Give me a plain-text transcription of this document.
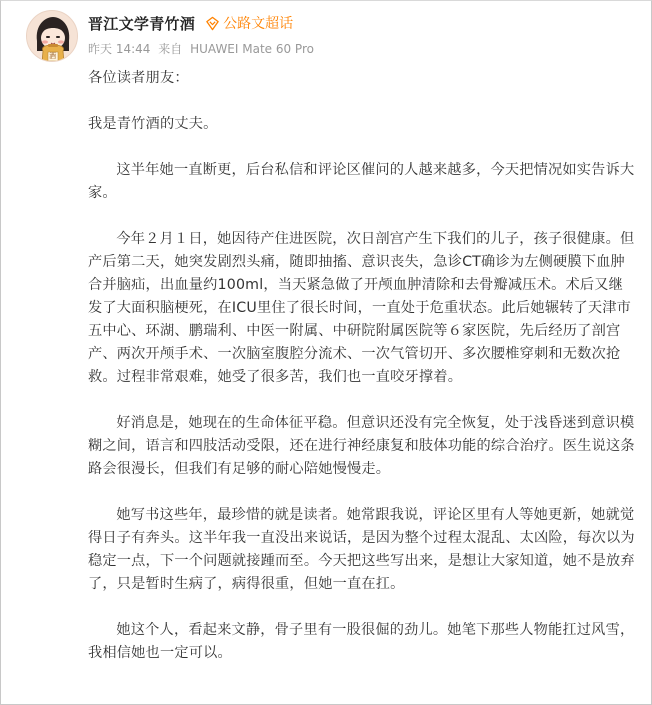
酒
晋江文学青竹酒 公路文超话
昨天 14:44 来自 HUAWEI Mate 60 Pro

各位读者朋友：

我是青竹酒的丈夫。

这半年她一直断更，后台私信和评论区催问的人越来越多，今天把情况如实告诉大家。

今年２月１日，她因待产住进医院，次日剖宫产生下我们的儿子，孩子很健康。但产后第二天，她突发剧烈头痛，随即抽搐、意识丧失，急诊CT确诊为左侧硬膜下血肿合并脑疝，出血量约100ml，当天紧急做了开颅血肿清除和去骨瓣减压术。术后又继发了大面积脑梗死，在ICU里住了很长时间，一直处于危重状态。此后她辗转了天津市五中心、环湖、鹏瑞利、中医一附属、中研院附属医院等６家医院，先后经历了剖宫产、两次开颅手术、一次脑室腹腔分流术、一次气管切开、多次腰椎穿刺和无数次抢救。过程非常艰难，她受了很多苦，我们也一直咬牙撑着。

好消息是，她现在的生命体征平稳。但意识还没有完全恢复，处于浅昏迷到意识模糊之间，语言和四肢活动受限，还在进行神经康复和肢体功能的综合治疗。医生说这条路会很漫长，但我们有足够的耐心陪她慢慢走。

她写书这些年，最珍惜的就是读者。她常跟我说，评论区里有人等她更新，她就觉得日子有奔头。这半年我一直没出来说话，是因为整个过程太混乱、太凶险，每次以为稳定一点，下一个问题就接踵而至。今天把这些写出来，是想让大家知道，她不是放弃了，只是暂时生病了，病得很重，但她一直在扛。

她这个人，看起来文静，骨子里有一股很倔的劲儿。她笔下那些人物能扛过风雪，我相信她也一定可以。
